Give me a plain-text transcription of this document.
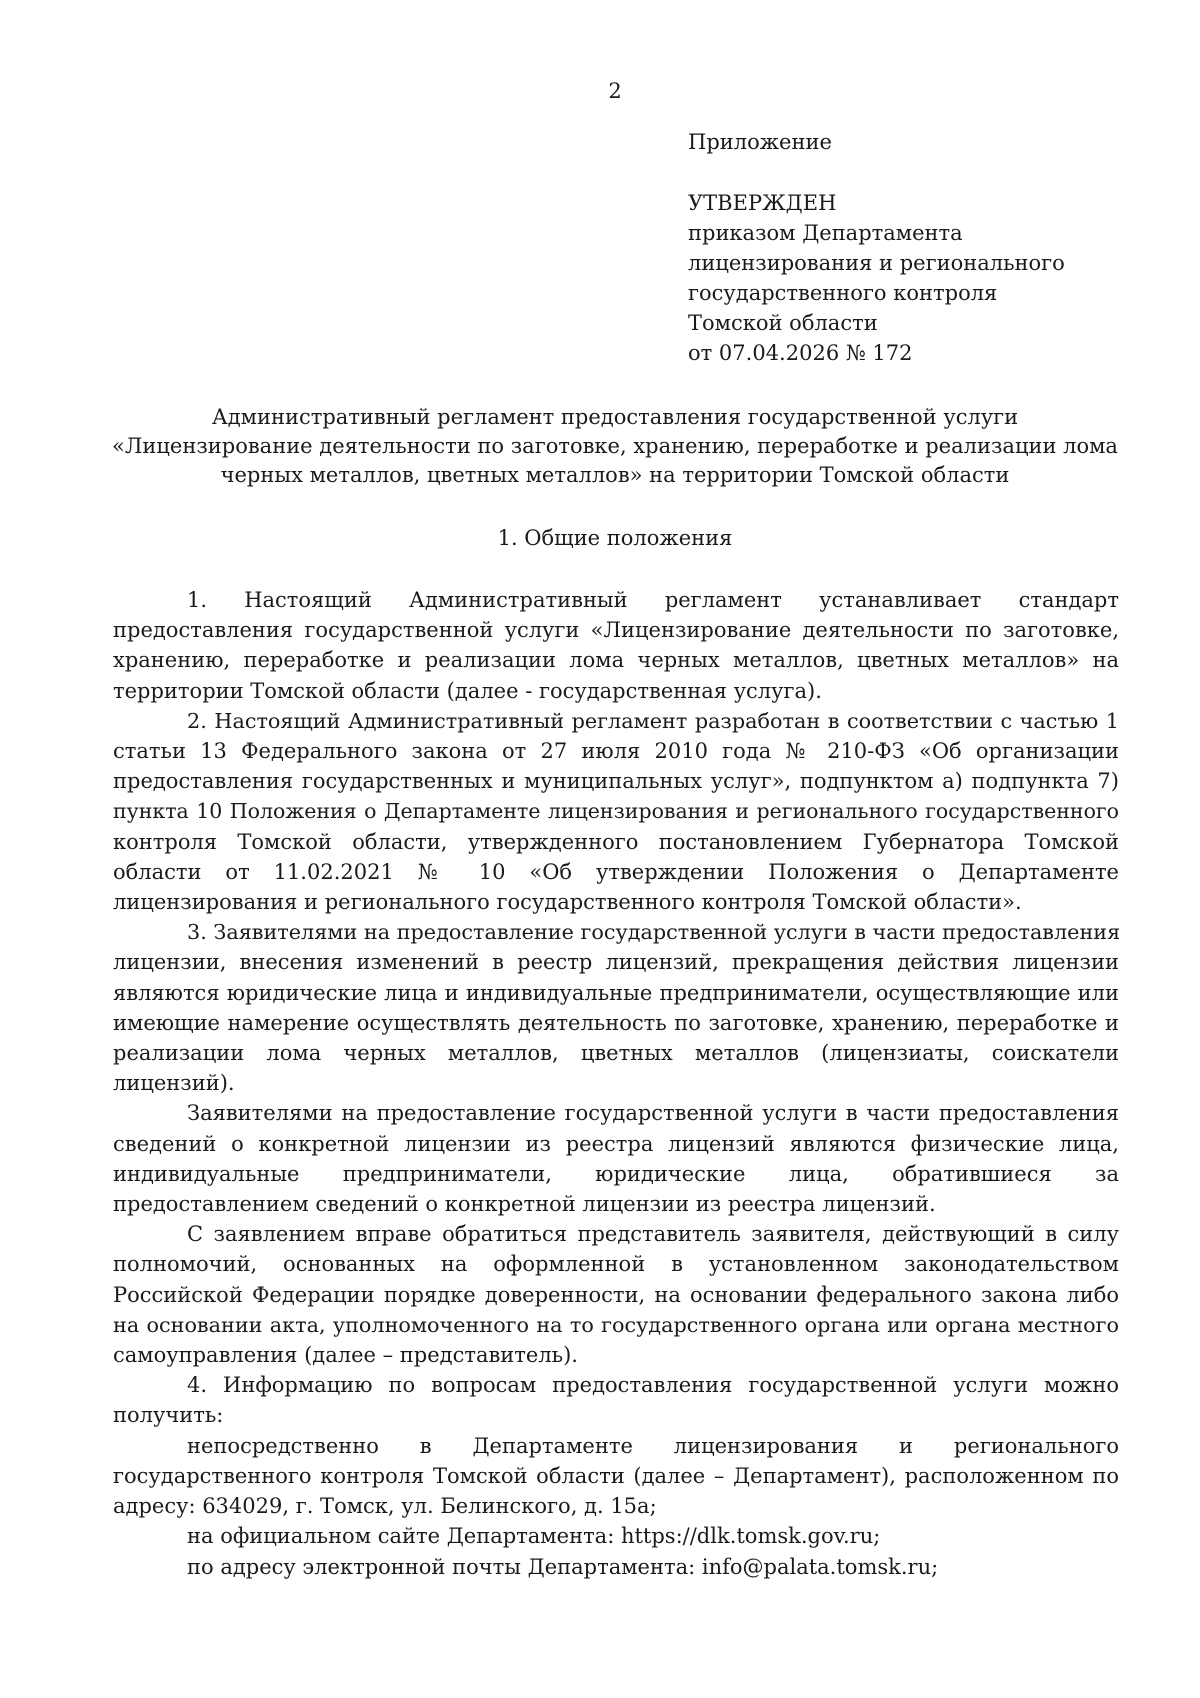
2
Приложение
УТВЕРЖДЕН
приказом Департамента
лицензирования и регионального
государственного контроля
Томской области
от 07.04.2026 № 172
Административный регламент предоставления государственной услуги
«Лицензирование деятельности по заготовке, хранению, переработке и реализации лома
черных металлов, цветных металлов» на территории Томской области
1. Общие положения
1. Настоящий Административный регламент устанавливает стандарт
предоставления государственной услуги «Лицензирование деятельности по заготовке,
хранению, переработке и реализации лома черных металлов, цветных металлов» на
территории Томской области (далее - государственная услуга).
2. Настоящий Административный регламент разработан в соответствии с частью 1
статьи 13 Федерального закона от 27 июля 2010 года № 210-ФЗ «Об организации
предоставления государственных и муниципальных услуг», подпунктом а) подпункта 7)
пункта 10 Положения о Департаменте лицензирования и регионального государственного
контроля Томской области, утвержденного постановлением Губернатора Томской
области от 11.02.2021 № 10 «Об утверждении Положения о Департаменте
лицензирования и регионального государственного контроля Томской области».
3. Заявителями на предоставление государственной услуги в части предоставления
лицензии, внесения изменений в реестр лицензий, прекращения действия лицензии
являются юридические лица и индивидуальные предприниматели, осуществляющие или
имеющие намерение осуществлять деятельность по заготовке, хранению, переработке и
реализации лома черных металлов, цветных металлов (лицензиаты, соискатели
лицензий).
Заявителями на предоставление государственной услуги в части предоставления
сведений о конкретной лицензии из реестра лицензий являются физические лица,
индивидуальные предприниматели, юридические лица, обратившиеся за
предоставлением сведений о конкретной лицензии из реестра лицензий.
С заявлением вправе обратиться представитель заявителя, действующий в силу
полномочий, основанных на оформленной в установленном законодательством
Российской Федерации порядке доверенности, на основании федерального закона либо
на основании акта, уполномоченного на то государственного органа или органа местного
самоуправления (далее – представитель).
4. Информацию по вопросам предоставления государственной услуги можно
получить:
непосредственно в Департаменте лицензирования и регионального
государственного контроля Томской области (далее – Департамент), расположенном по
адресу: 634029, г. Томск, ул. Белинского, д. 15а;
на официальном сайте Департамента: https://dlk.tomsk.gov.ru;
по адресу электронной почты Департамента: info@palata.tomsk.ru;
